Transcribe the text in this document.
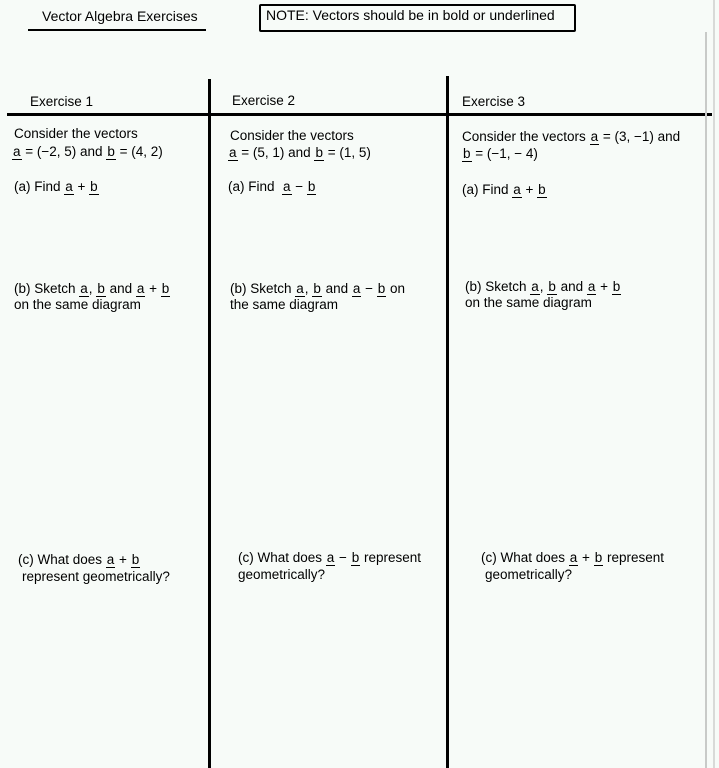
Vector Algebra Exercises	NOTE: Vectors should be in bold or underlined
Exercise 1
Consider the vectors
a = (−2, 5) and b = (4, 2)
(a) Find a + b
(b) Sketch a, b and a + b
on the same diagram
(c) What does a + b
represent geometrically?
Exercise 2
Consider the vectors
a = (5, 1) and b = (1, 5)
(a) Find  a − b
(b) Sketch a, b and a − b on
the same diagram
(c) What does a − b represent
geometrically?
Exercise 3
Consider the vectors a = (3, −1) and
b = (−1, − 4)
(a) Find a + b
(b) Sketch a, b and a + b
on the same diagram
(c) What does a + b represent
geometrically?
